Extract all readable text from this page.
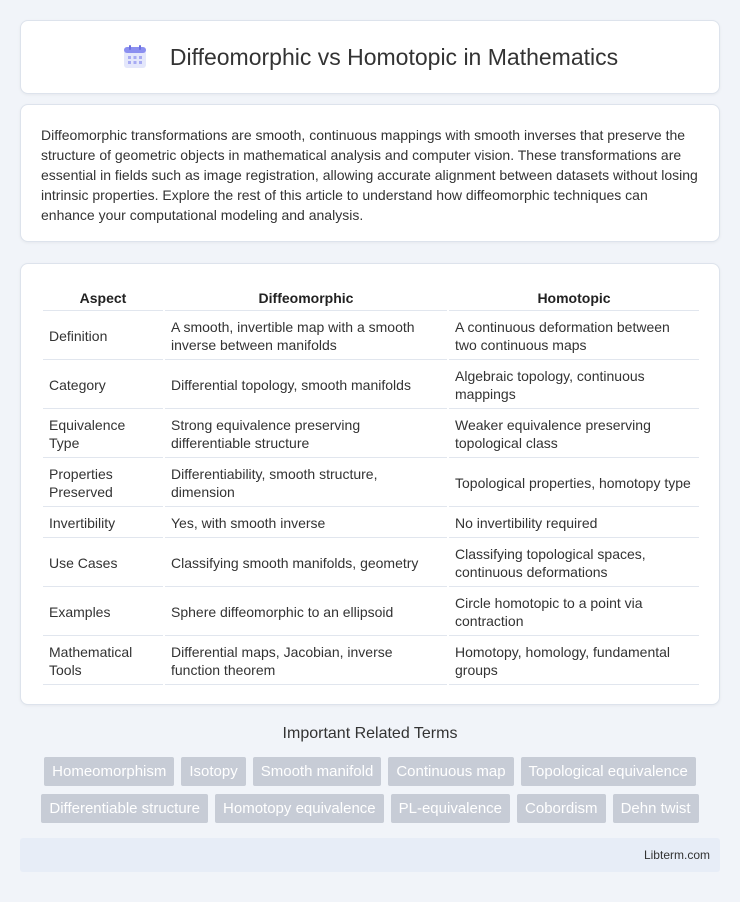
Diffeomorphic vs Homotopic in Mathematics

Diffeomorphic transformations are smooth, continuous mappings with smooth inverses that preserve the structure of geometric objects in mathematical analysis and computer vision. These transformations are essential in fields such as image registration, allowing accurate alignment between datasets without losing intrinsic properties. Explore the rest of this article to understand how diffeomorphic techniques can enhance your computational modeling and analysis.

Aspect	Diffeomorphic	Homotopic
Definition	A smooth, invertible map with a smooth inverse between manifolds	A continuous deformation between two continuous maps
Category	Differential topology, smooth manifolds	Algebraic topology, continuous mappings
Equivalence Type	Strong equivalence preserving differentiable structure	Weaker equivalence preserving topological class
Properties Preserved	Differentiability, smooth structure, dimension	Topological properties, homotopy type
Invertibility	Yes, with smooth inverse	No invertibility required
Use Cases	Classifying smooth manifolds, geometry	Classifying topological spaces, continuous deformations
Examples	Sphere diffeomorphic to an ellipsoid	Circle homotopic to a point via contraction
Mathematical Tools	Differential maps, Jacobian, inverse function theorem	Homotopy, homology, fundamental groups
Important Related Terms
Homeomorphism	Isotopy	Smooth manifold	Continuous map	Topological equivalence
Differentiable structure	Homotopy equivalence	PL-equivalence	Cobordism	Dehn twist
Libterm.com
